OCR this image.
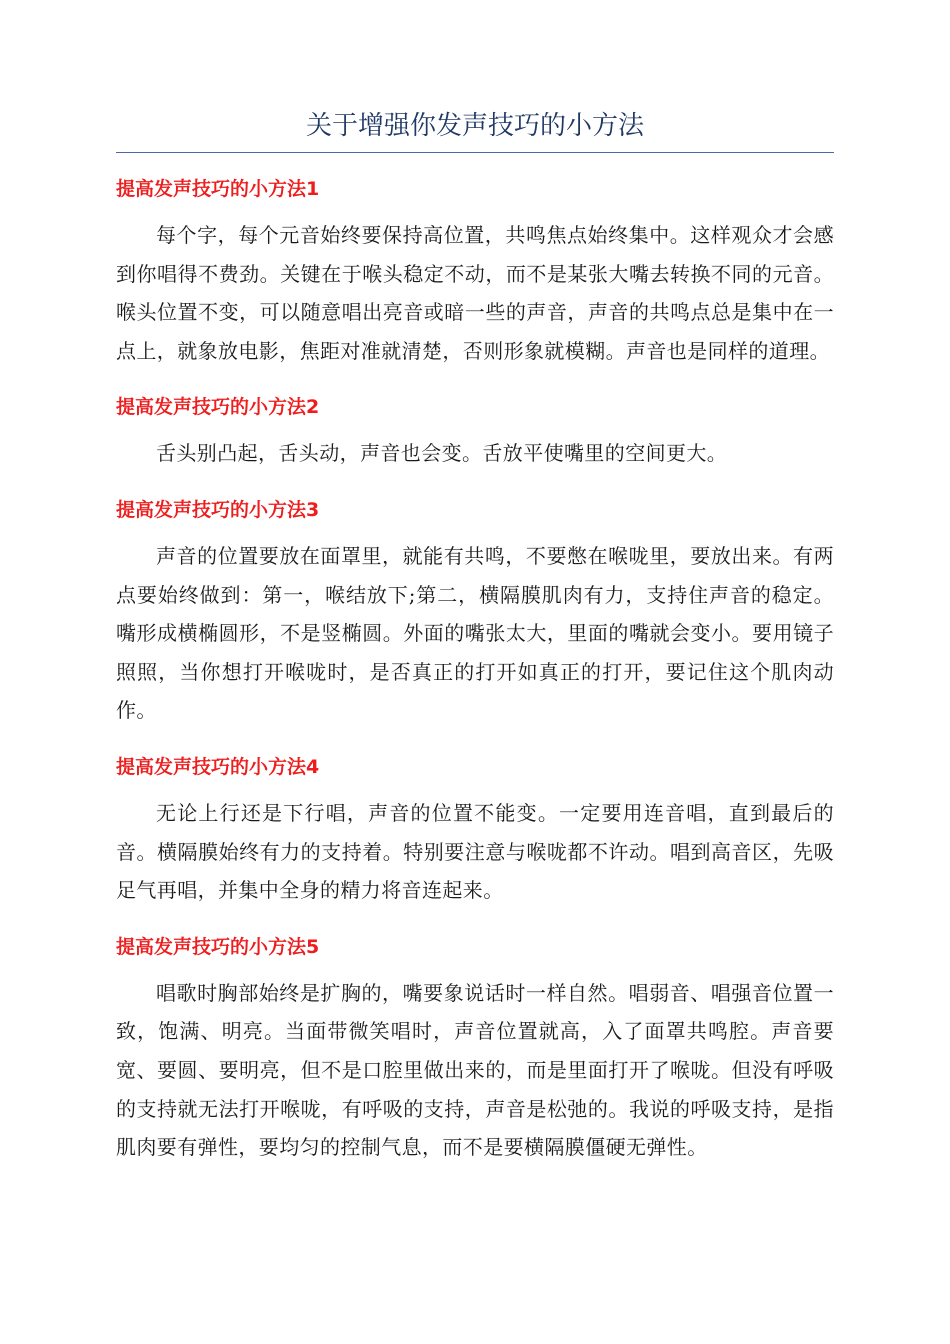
关于增强你发声技巧的小方法
提高发声技巧的小方法1

每个字，每个元音始终要保持高位置，共鸣焦点始终集中。这样观众才会感到你唱得不费劲。关键在于喉头稳定不动，而不是某张大嘴去转换不同的元音。喉头位置不变，可以随意唱出亮音或暗一些的声音，声音的共鸣点总是集中在一点上，就象放电影，焦距对准就清楚，否则形象就模糊。声音也是同样的道理。

提高发声技巧的小方法2

舌头别凸起，舌头动，声音也会变。舌放平使嘴里的空间更大。

提高发声技巧的小方法3

声音的位置要放在面罩里，就能有共鸣，不要憋在喉咙里，要放出来。有两点要始终做到：第一，喉结放下;第二，横隔膜肌肉有力，支持住声音的稳定。嘴形成横椭圆形，不是竖椭圆。外面的嘴张太大，里面的嘴就会变小。要用镜子照照，当你想打开喉咙时，是否真正的打开如真正的打开，要记住这个肌肉动作。

提高发声技巧的小方法4

无论上行还是下行唱，声音的位置不能变。一定要用连音唱，直到最后的音。横隔膜始终有力的支持着。特别要注意与喉咙都不许动。唱到高音区，先吸足气再唱，并集中全身的精力将音连起来。

提高发声技巧的小方法5

唱歌时胸部始终是扩胸的，嘴要象说话时一样自然。唱弱音、唱强音位置一致，饱满、明亮。当面带微笑唱时，声音位置就高，入了面罩共鸣腔。声音要宽、要圆、要明亮，但不是口腔里做出来的，而是里面打开了喉咙。但没有呼吸的支持就无法打开喉咙，有呼吸的支持，声音是松弛的。我说的呼吸支持，是指肌肉要有弹性，要均匀的控制气息，而不是要横隔膜僵硬无弹性。
